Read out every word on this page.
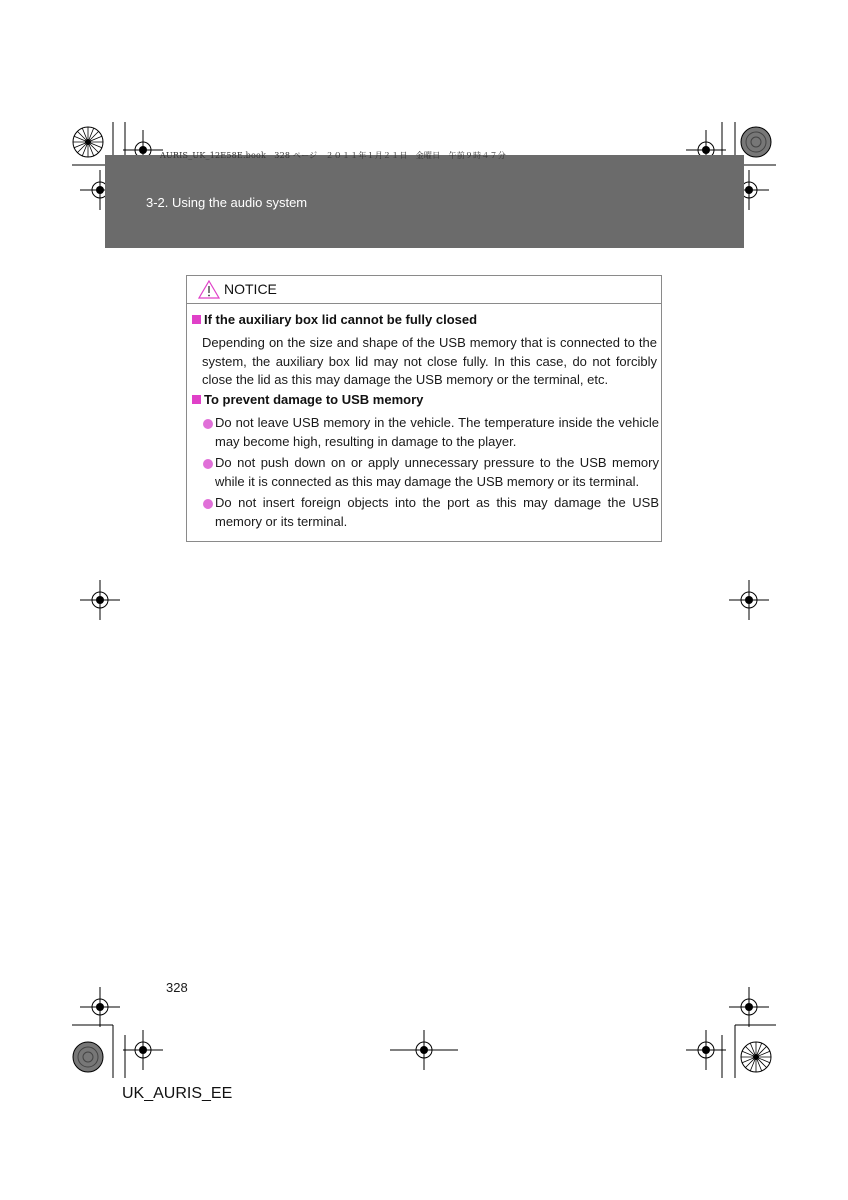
AURIS_UK_12E58E.book　328 ページ　２０１１年１月２１日　金曜日　午前９時４７分
3-2. Using the audio system
NOTICE
If the auxiliary box lid cannot be fully closed
Depending on the size and shape of the USB memory that is connected to the system, the auxiliary box lid may not close fully. In this case, do not forcibly close the lid as this may damage the USB memory or the terminal, etc.
To prevent damage to USB memory
Do not leave USB memory in the vehicle. The temperature inside the vehicle may become high, resulting in damage to the player.
Do not push down on or apply unnecessary pressure to the USB memory while it is connected as this may damage the USB memory or its terminal.
Do not insert foreign objects into the port as this may damage the USB memory or its terminal.
328
UK_AURIS_EE
